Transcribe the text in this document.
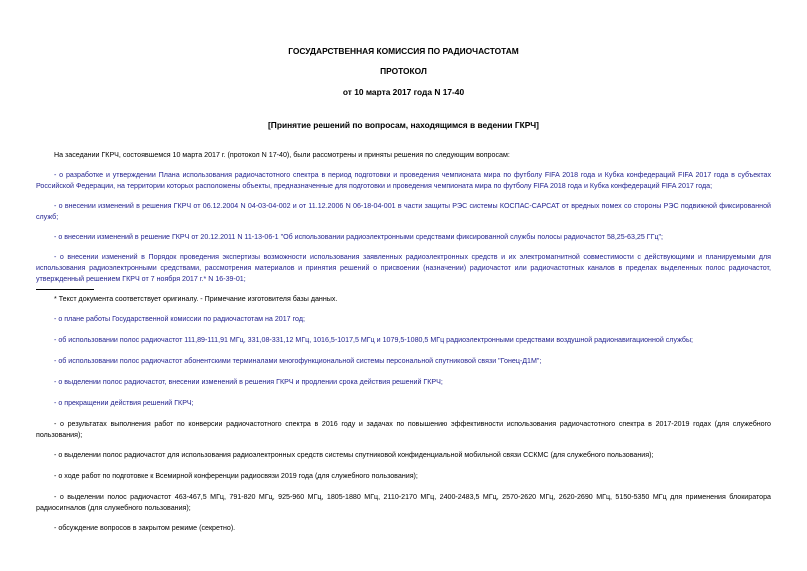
ГОСУДАРСТВЕННАЯ КОМИССИЯ ПО РАДИОЧАСТОТАМ
ПРОТОКОЛ
от 10 марта 2017 года N 17-40
[Принятие решений по вопросам, находящимся в ведении ГКРЧ]
На заседании ГКРЧ, состоявшемся 10 марта 2017 г. (протокол N 17-40), были рассмотрены и приняты решения по следующим вопросам:
- о разработке и утверждении Плана использования радиочастотного спектра в период подготовки и проведения чемпионата мира по футболу FIFA 2018 года и Кубка конфедераций FIFA 2017 года в субъектах Российской Федерации, на территории которых расположены объекты, предназначенные для подготовки и проведения чемпионата мира по футболу FIFA 2018 года и Кубка конфедераций FIFA 2017 года;
- о внесении изменений в решения ГКРЧ от 06.12.2004 N 04-03-04-002 и от 11.12.2006 N 06-18-04-001 в части защиты РЭС системы КОСПАС-САРСАТ от вредных помех со стороны РЭС подвижной фиксированной служб;
- о внесении изменений в решение ГКРЧ от 20.12.2011 N 11-13-06-1 "Об использовании радиоэлектронными средствами фиксированной службы полосы радиочастот 58,25-63,25 ГГц";
- о внесении изменений в Порядок проведения экспертизы возможности использования заявленных радиоэлектронных средств и их электромагнитной совместимости с действующими и планируемыми для использования радиоэлектронными средствами, рассмотрения материалов и принятия решений о присвоении (назначении) радиочастот или радиочастотных каналов в пределах выделенных полос радиочастот, утвержденный решением ГКРЧ от 7 ноября 2017 г.* N 16-39-01;
* Текст документа соответствует оригиналу. - Примечание изготовителя базы данных.
- о плане работы Государственной комиссии по радиочастотам на 2017 год;
- об использовании полос радиочастот 111,89-111,91 МГц, 331,08-331,12 МГц, 1016,5-1017,5 МГц и 1079,5-1080,5 МГц радиоэлектронными средствами воздушной радионавигационной службы;
- об использовании полос радиочастот абонентскими терминалами многофункциональной системы персональной спутниковой связи "Гонец-Д1М";
- о выделении полос радиочастот, внесении изменений в решения ГКРЧ и продлении срока действия решений ГКРЧ;
- о прекращении действия решений ГКРЧ;
- о результатах выполнения работ по конверсии радиочастотного спектра в 2016 году и задачах по повышению эффективности использования радиочастотного спектра в 2017-2019 годах (для служебного пользования);
- о выделении полос радиочастот для использования радиоэлектронных средств системы спутниковой конфиденциальной мобильной связи ССКМС (для служебного пользования);
- о ходе работ по подготовке к Всемирной конференции радиосвязи 2019 года (для служебного пользования);
- о выделении полос радиочастот 463-467,5 МГц, 791-820 МГц, 925-960 МГц, 1805-1880 МГц, 2110-2170 МГц, 2400-2483,5 МГц, 2570-2620 МГц, 2620-2690 МГц, 5150-5350 МГц для применения блокиратора радиосигналов (для служебного пользования);
- обсуждение вопросов в закрытом режиме (секретно).
